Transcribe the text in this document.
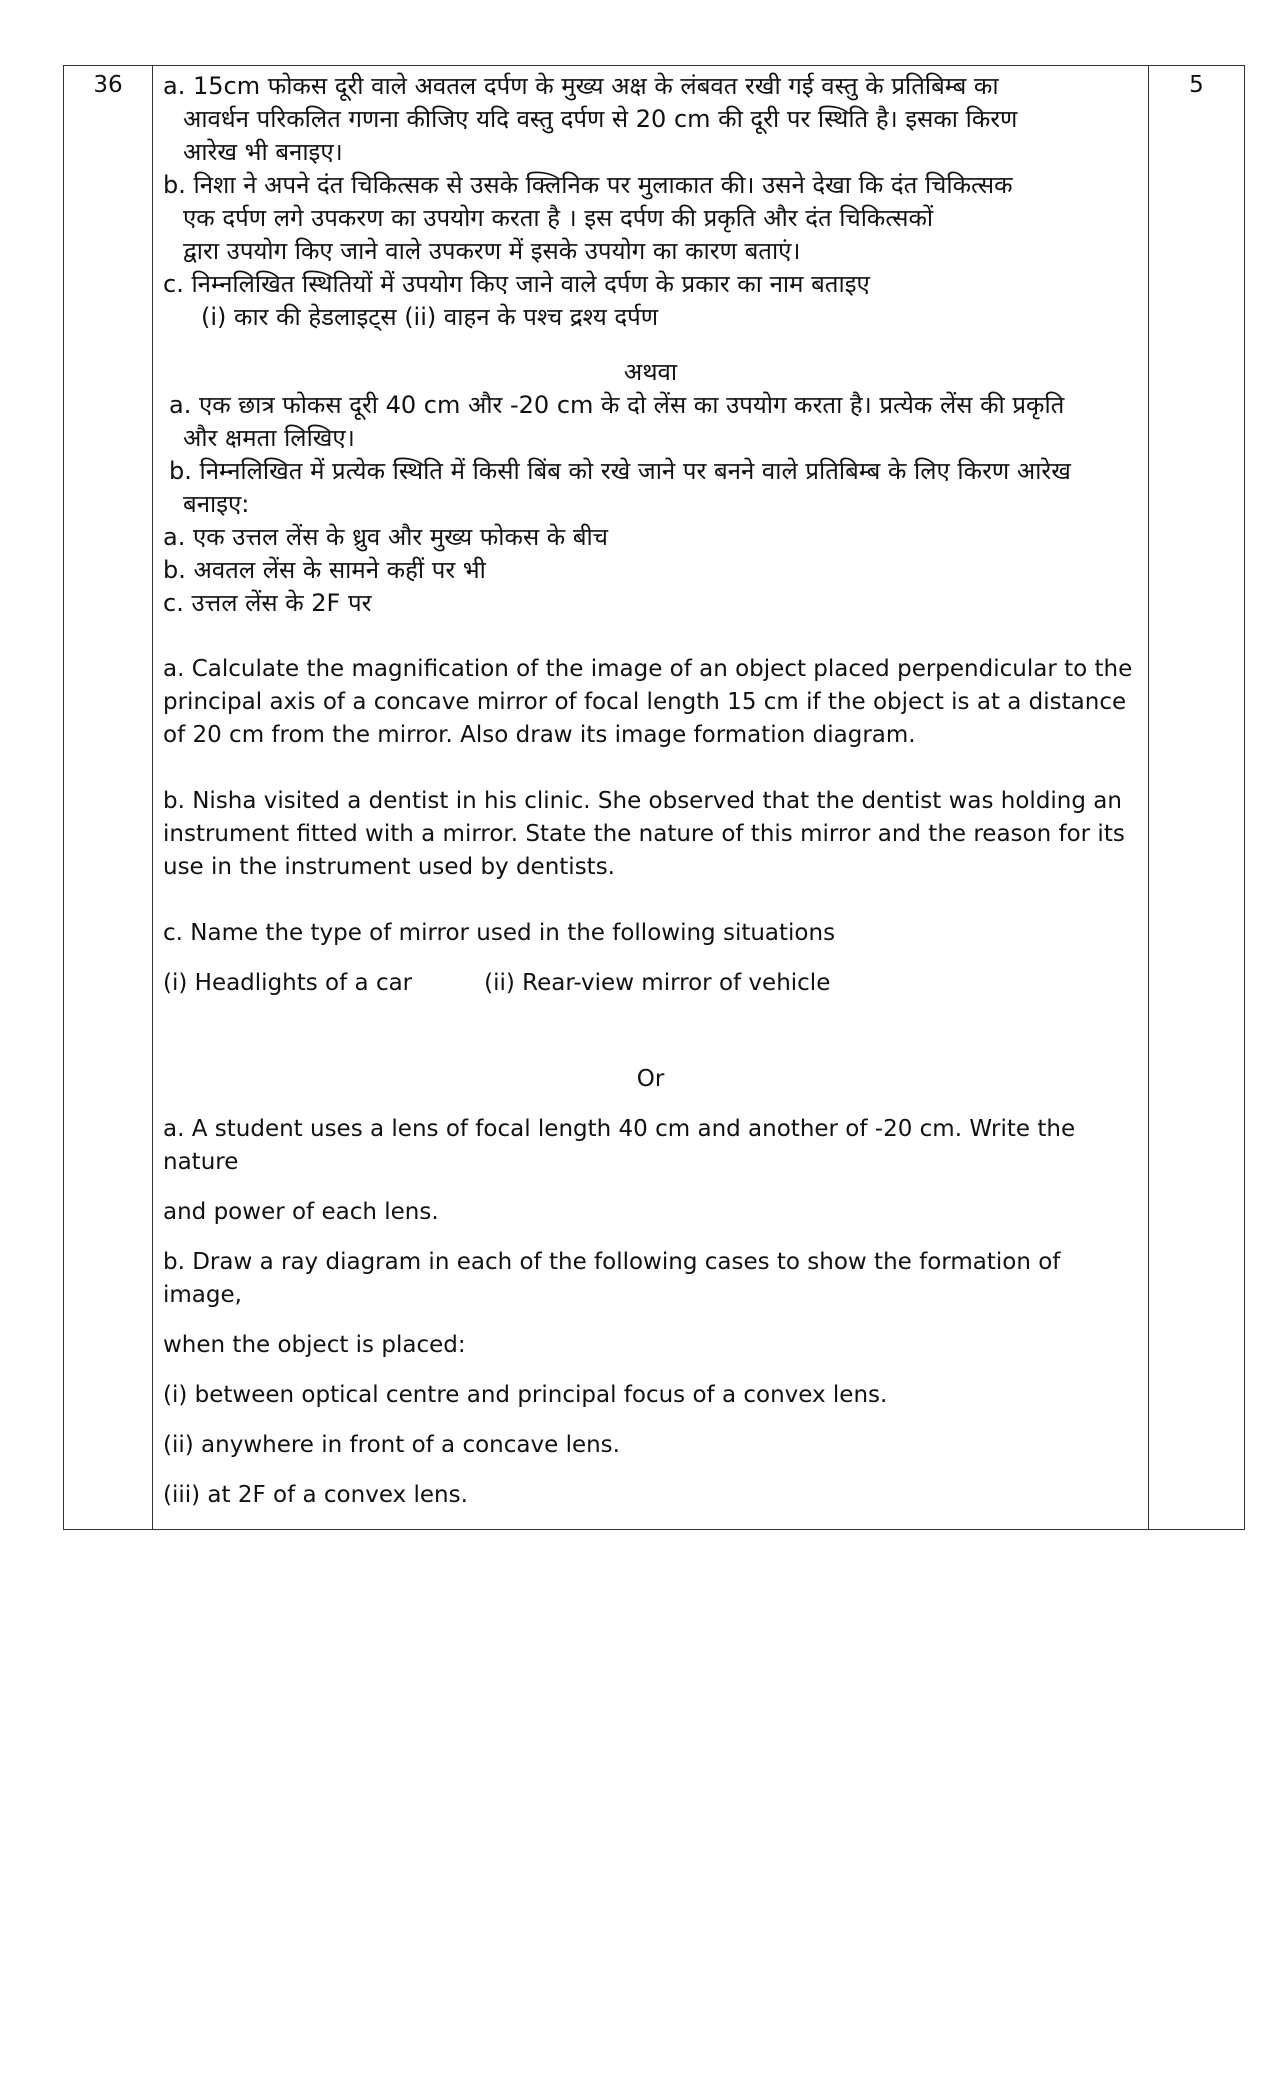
36	a. 15cm फोकस दूरी वाले अवतल दर्पण के मुख्य अक्ष के लंबवत रखी गई वस्तु के प्रतिबिम्ब का

आवर्धन परिकलित गणना कीजिए यदि वस्तु दर्पण से 20 cm की दूरी पर स्थिति है। इसका किरण

आरेख भी बनाइए।

b. निशा ने अपने दंत चिकित्सक से उसके क्लिनिक पर मुलाकात की। उसने देखा कि दंत चिकित्सक

एक दर्पण लगे उपकरण का उपयोग करता है । इस दर्पण की प्रकृति और दंत चिकित्सकों

द्वारा उपयोग किए जाने वाले उपकरण में इसके उपयोग का कारण बताएं।

c. निम्नलिखित स्थितियों में उपयोग किए जाने वाले दर्पण के प्रकार का नाम बताइए

(i) कार की हेडलाइट्स (ii) वाहन के पश्च द्रश्य दर्पण

अथवा

a. एक छात्र फोकस दूरी 40 cm और -20 cm के दो लेंस का उपयोग करता है। प्रत्येक लेंस की प्रकृति

और क्षमता लिखिए।

b. निम्नलिखित में प्रत्येक स्थिति में किसी बिंब को रखे जाने पर बनने वाले प्रतिबिम्ब के लिए किरण आरेख

बनाइए:

a. एक उत्तल लेंस के ध्रुव और मुख्य फोकस के बीच

b. अवतल लेंस के सामने कहीं पर भी

c. उत्तल लेंस के 2F पर

a. Calculate the magnification of the image of an object placed perpendicular to the principal axis of a concave mirror of focal length 15 cm if the object is at a distance of 20 cm from the mirror. Also draw its image formation diagram.

b. Nisha visited a dentist in his clinic. She observed that the dentist was holding an instrument fitted with a mirror. State the nature of this mirror and the reason for its use in the instrument used by dentists.

c. Name the type of mirror used in the following situations

(i) Headlights of a car	(ii) Rear-view mirror of vehicle

Or

a. A student uses a lens of focal length 40 cm and another of -20 cm. Write the nature

and power of each lens.

b. Draw a ray diagram in each of the following cases to show the formation of image,

when the object is placed:

(i) between optical centre and principal focus of a convex lens.

(ii) anywhere in front of a concave lens.

(iii) at 2F of a convex lens.

	5
